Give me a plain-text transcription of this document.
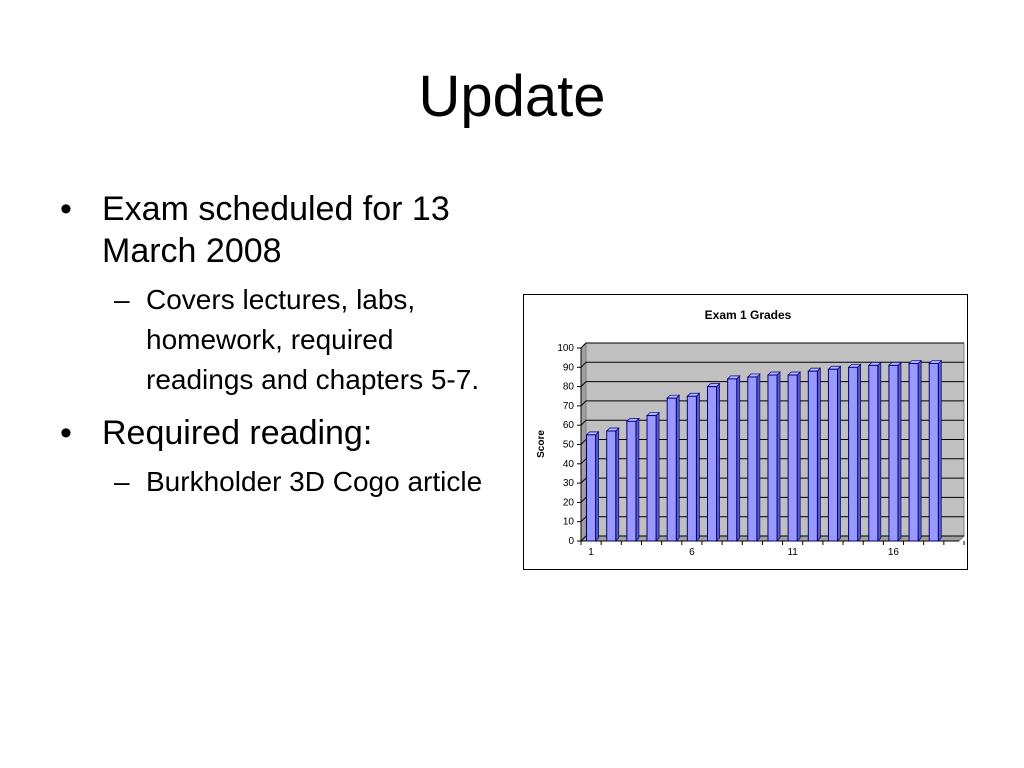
Update
• Exam scheduled for 13 March 2008
– Covers lectures, labs, homework, required readings and chapters 5-7.
• Required reading:
– Burkholder 3D Cogo article
Exam 1 Grades
Score
0
10
20
30
40
50
60
70
80
90
100
1	6	11	16
